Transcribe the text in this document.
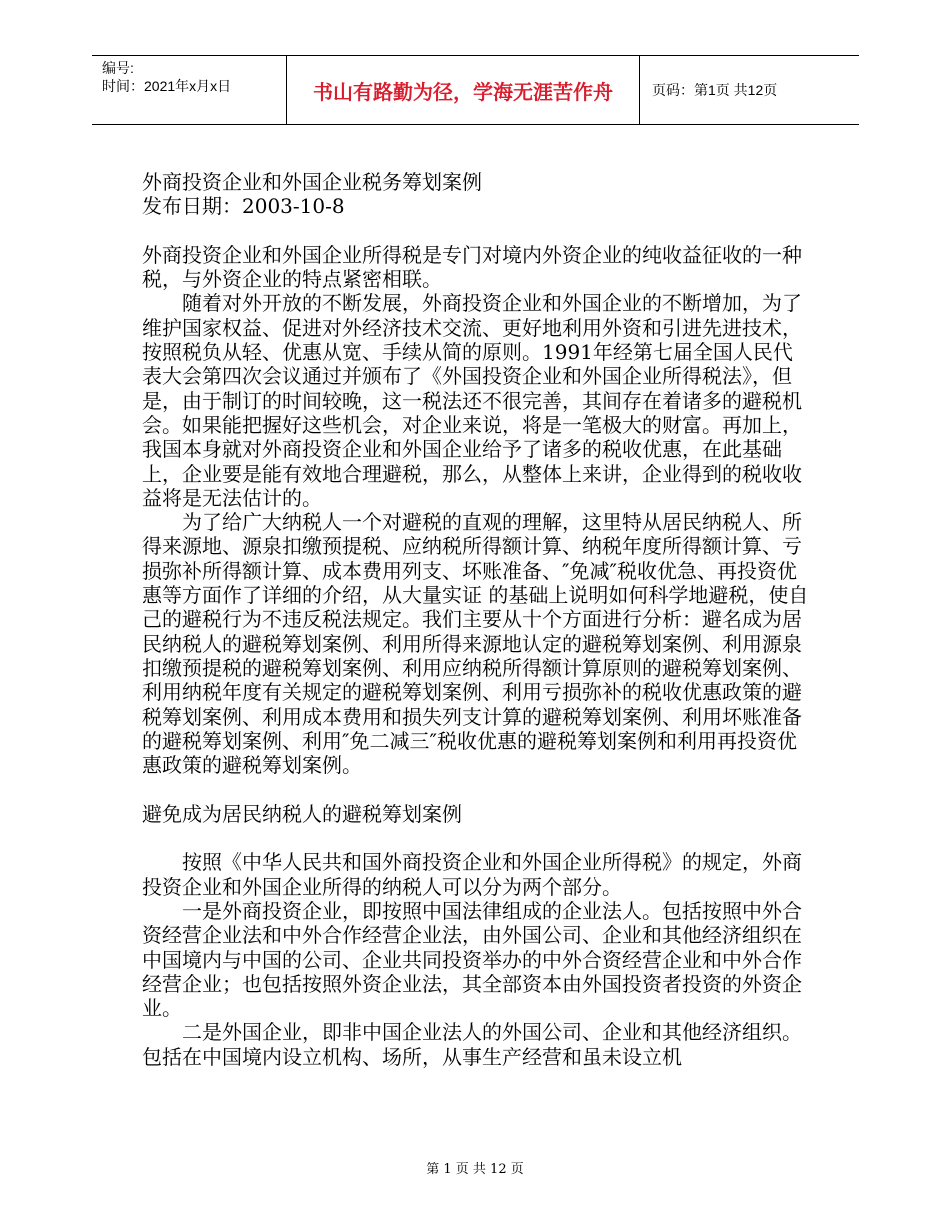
编号:
时间：2021年x月x日	书山有路勤为径，学海无涯苦作舟	页码：第1页 共12页

外商投资企业和外国企业税务筹划案例

发布日期：2003-10-8

外商投资企业和外国企业所得税是专门对境内外资企业的纯收益征收的一种税，与外资企业的特点紧密相联。

随着对外开放的不断发展，外商投资企业和外国企业的不断增加，为了维护国家权益、促进对外经济技术交流、更好地利用外资和引进先进技术，按照税负从轻、优惠从宽、手续从简的原则。1991年经第七届全国人民代表大会第四次会议通过并颁布了《外国投资企业和外国企业所得税法》，但是，由于制订的时间较晚，这一税法还不很完善，其间存在着诸多的避税机会。如果能把握好这些机会，对企业来说，将是一笔极大的财富。再加上，我国本身就对外商投资企业和外国企业给予了诸多的税收优惠，在此基础上，企业要是能有效地合理避税，那么，从整体上来讲，企业得到的税收收益将是无法估计的。

为了给广大纳税人一个对避税的直观的理解，这里特从居民纳税人、所得来源地、源泉扣缴预提税、应纳税所得额计算、纳税年度所得额计算、亏损弥补所得额计算、成本费用列支、坏账准备、″免减″税收优急、再投资优惠等方面作了详细的介绍，从大量实证 的基础上说明如何科学地避税，使自己的避税行为不违反税法规定。我们主要从十个方面进行分析：避名成为居民纳税人的避税筹划案例、利用所得来源地认定的避税筹划案例、利用源泉扣缴预提税的避税筹划案例、利用应纳税所得额计算原则的避税筹划案例、利用纳税年度有关规定的避税筹划案例、利用亏损弥补的税收优惠政策的避税筹划案例、利用成本费用和损失列支计算的避税筹划案例、利用坏账准备的避税筹划案例、利用″免二减三″税收优惠的避税筹划案例和利用再投资优惠政策的避税筹划案例。

避免成为居民纳税人的避税筹划案例

按照《中华人民共和国外商投资企业和外国企业所得税》的规定，外商投资企业和外国企业所得的纳税人可以分为两个部分。

一是外商投资企业，即按照中国法律组成的企业法人。包括按照中外合资经营企业法和中外合作经营企业法，由外国公司、企业和其他经济组织在中国境内与中国的公司、企业共同投资举办的中外合资经营企业和中外合作经营企业；也包括按照外资企业法，其全部资本由外国投资者投资的外资企业。

二是外国企业，即非中国企业法人的外国公司、企业和其他经济组织。包括在中国境内设立机构、场所，从事生产经营和虽未设立机

第 1 页 共 12 页
